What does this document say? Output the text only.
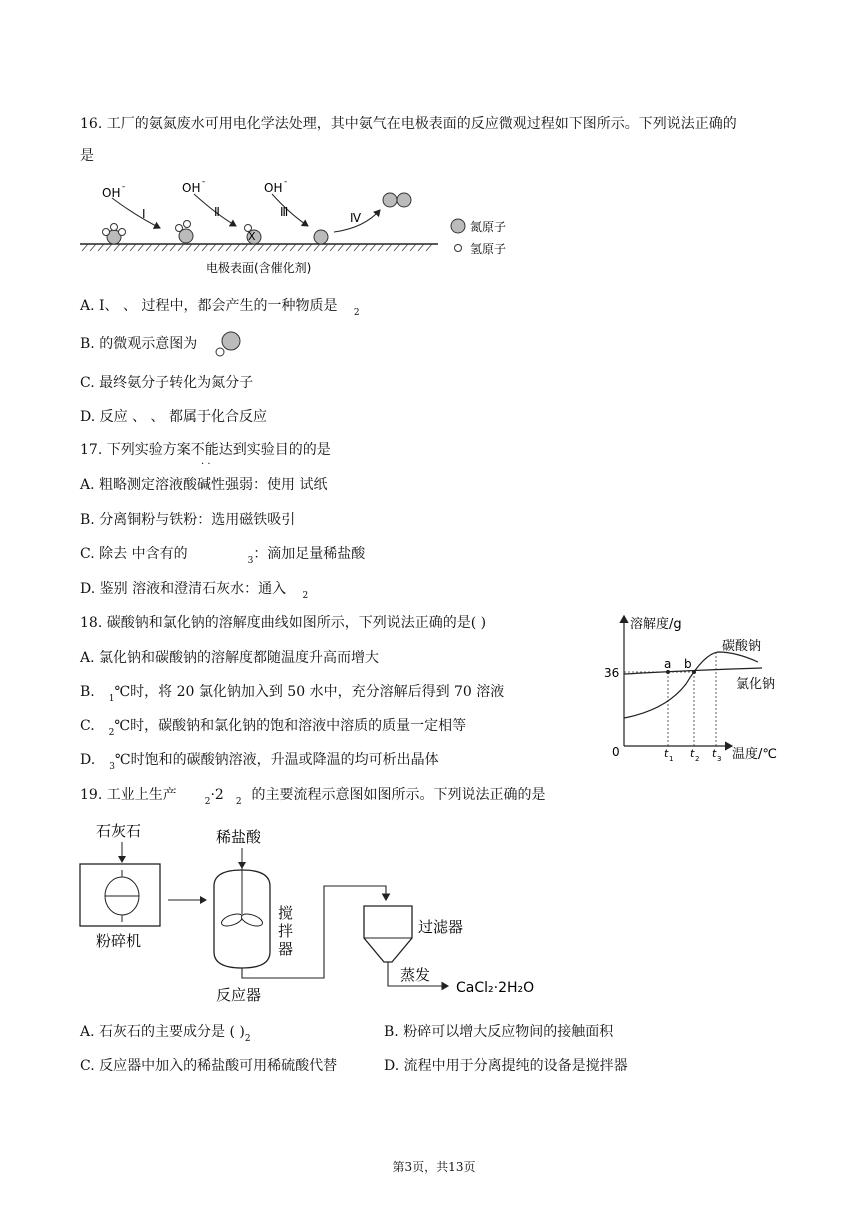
16. 工厂的氨氮废水可用电化学法处理，其中氨气在电极表面的反应微观过程如下图所示。下列说法正确的
是
OH -	OH -	OH -
Ⅰ	Ⅱ	Ⅲ	Ⅳ
X
氮原子
氢原子
电极表面(含催化剂)
A. Ⅰ、 、 过程中，都会产生的一种物质是 $_2$
B. 的微观示意图为
C. 最终氨分子转化为氮分子
D. 反应 、 、 都属于化合反应
17. 下列实验方案不能达到实验目的的是
· ·
A. 粗略测定溶液酸碱性强弱：使用 试纸
B. 分离铜粉与铁粉：选用磁铁吸引
C. 除去 中含有的	$_3$：滴加足量稀盐酸
D. 鉴别 溶液和澄清石灰水：通入 $_2$
18. 碳酸钠和氯化钠的溶解度曲线如图所示，下列说法正确的是( )
A. 氯化钠和碳酸钠的溶解度都随温度升高而增大
B. $_1$℃时，将 20 氯化钠加入到 50 水中，充分溶解后得到 70 溶液
C. $_2$℃时，碳酸钠和氯化钠的饱和溶液中溶质的质量一定相等
D. $_3$℃时饱和的碳酸钠溶液，升温或降温的均可析出晶体
溶解度/g
温度/℃
0
36
a b
碳酸钠
氯化钠
t 1 t 2 t 3
19. 工业上生产	$_2$·2 $_2$ 的主要流程示意图如图所示。下列说法正确的是
石灰石
粉碎机
稀盐酸
搅
拌
器
反应器
过滤器
蒸发
CaCl₂·2H₂O
A. 石灰石的主要成分是 ( )$_2$	B. 粉碎可以增大反应物间的接触面积
C. 反应器中加入的稀盐酸可用稀硫酸代替	D. 流程中用于分离提纯的设备是搅拌器
第3页，共13页
